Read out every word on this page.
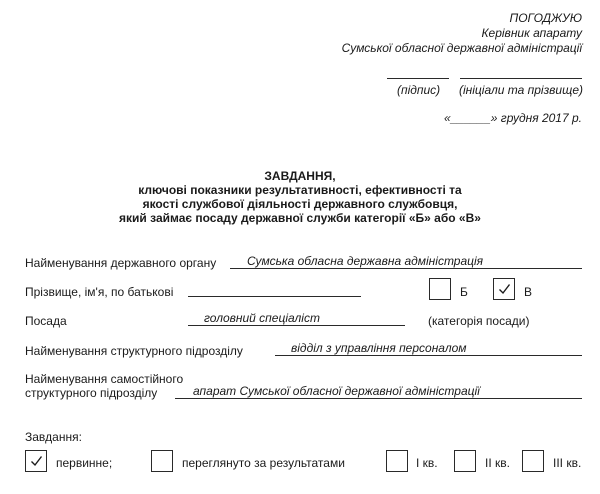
ПОГОДЖУЮ
Керівник апарату
Сумської обласної державної адміністрації
(підпис) (ініціали та прізвище)
«______» грудня 2017 р.
ЗАВДАННЯ,
ключові показники результативності, ефективності та
якості службової діяльності державного службовця,
який займає посаду державної служби категорії «Б» або «В»
Найменування державного органу	Сумська обласна державна адміністрація
Прізвище, ім'я, по батькові	Б	В
Посада	головний спеціаліст	(категорія посади)
Найменування структурного підрозділу	відділ з управління персоналом
Найменування самостійного
структурного підрозділу	апарат Сумської обласної державної адміністрації
Завдання:
первинне;	переглянуто за результатами	І кв.	ІІ кв.	ІІІ кв.
